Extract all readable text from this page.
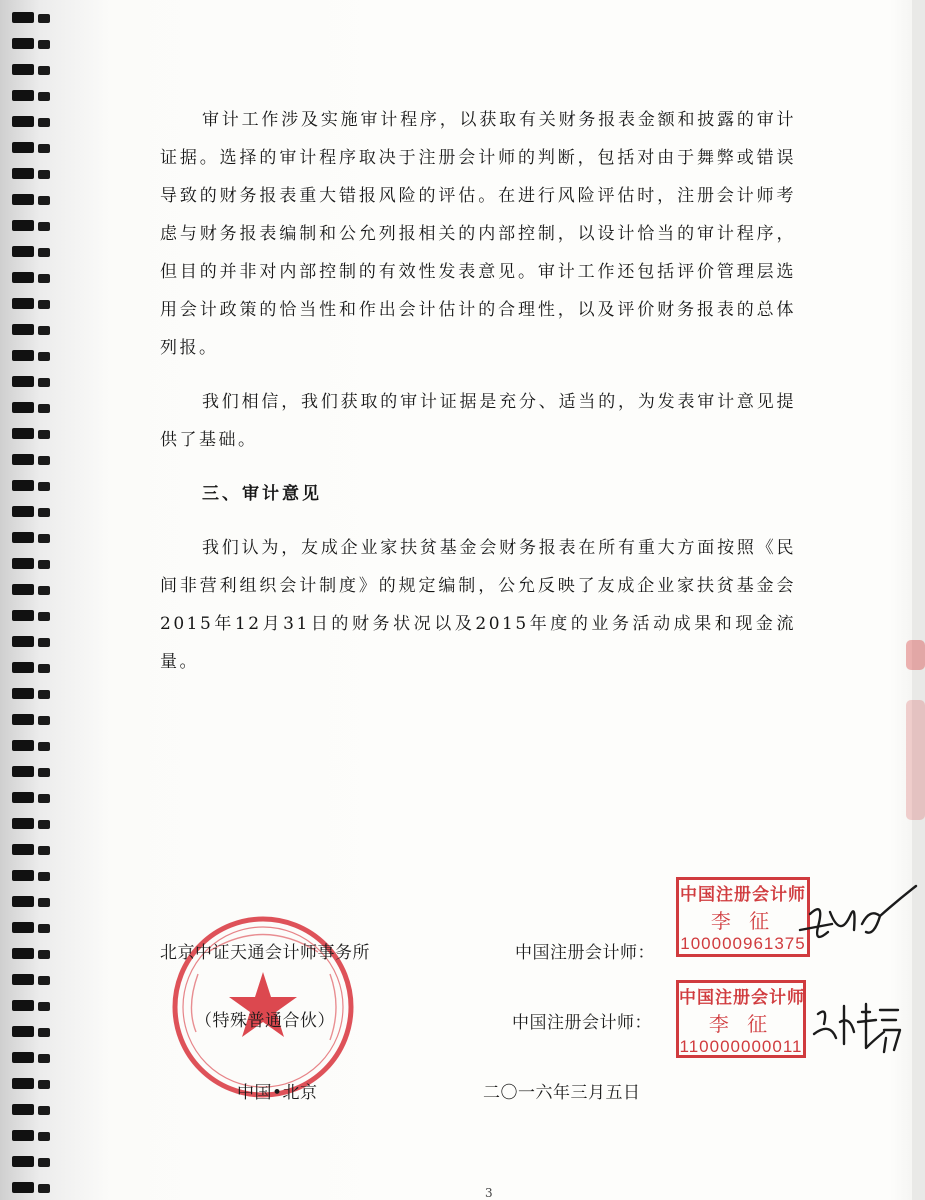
审计工作涉及实施审计程序，以获取有关财务报表金额和披露的审计证据。选择的审计程序取决于注册会计师的判断，包括对由于舞弊或错误导致的财务报表重大错报风险的评估。在进行风险评估时，注册会计师考虑与财务报表编制和公允列报相关的内部控制，以设计恰当的审计程序，但目的并非对内部控制的有效性发表意见。审计工作还包括评价管理层选用会计政策的恰当性和作出会计估计的合理性，以及评价财务报表的总体列报。

我们相信，我们获取的审计证据是充分、适当的，为发表审计意见提供了基础。

三、审计意见

我们认为，友成企业家扶贫基金会财务报表在所有重大方面按照《民间非营利组织会计制度》的规定编制，公允反映了友成企业家扶贫基金会2015年12月31日的财务状况以及2015年度的业务活动成果和现金流量。

北京中证天通会计师事务所
（特殊普通合伙）
中国•北京
中国注册会计师：
中国注册会计师：
二〇一六年三月五日
中国注册会计师
李 征
100000961375
中国注册会计师
李 征
110000000011
3
